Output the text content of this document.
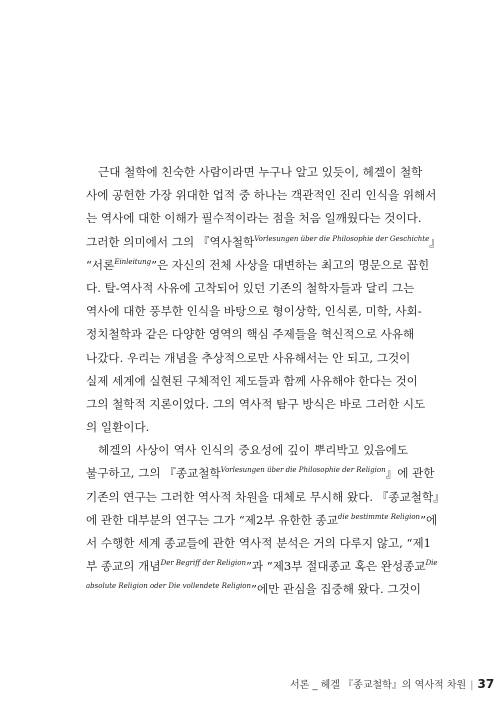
근대 철학에 친숙한 사람이라면 누구나 알고 있듯이, 헤겔이 철학
사에 공헌한 가장 위대한 업적 중 하나는 객관적인 진리 인식을 위해서
는 역사에 대한 이해가 필수적이라는 점을 처음 일깨웠다는 것이다.
그러한 의미에서 그의 『역사철학$^{Vorlesungen über die Philosophie der Geschichte}$』
“서론$^{Einleitung}$”은 자신의 전체 사상을 대변하는 최고의 명문으로 꼽힌
다. 탈-역사적 사유에 고착되어 있던 기존의 철학자들과 달리 그는
역사에 대한 풍부한 인식을 바탕으로 형이상학, 인식론, 미학, 사회-
정치철학과 같은 다양한 영역의 핵심 주제들을 혁신적으로 사유해
나갔다. 우리는 개념을 추상적으로만 사유해서는 안 되고, 그것이
실제 세계에 실현된 구체적인 제도들과 함께 사유해야 한다는 것이
그의 철학적 지론이었다. 그의 역사적 탐구 방식은 바로 그러한 시도
의 일환이다.
헤겔의 사상이 역사 인식의 중요성에 깊이 뿌리박고 있음에도
불구하고, 그의 『종교철학$^{Vorlesungen über die Philosophie der Religion}$』에 관한
기존의 연구는 그러한 역사적 차원을 대체로 무시해 왔다. 『종교철학』
에 관한 대부분의 연구는 그가 “제2부 유한한 종교$^{die bestimmte Religion}$”에
서 수행한 세계 종교들에 관한 역사적 분석은 거의 다루지 않고, “제1
부 종교의 개념$^{Der Begriff der Religion}$”과 “제3부 절대종교 혹은 완성종교$^{Die}$
$^{absolute Religion oder Die vollendete Religion}$”에만 관심을 집중해 왔다. 그것이
서론 _ 헤겔 『종교철학』의 역사적 차원 | 37
